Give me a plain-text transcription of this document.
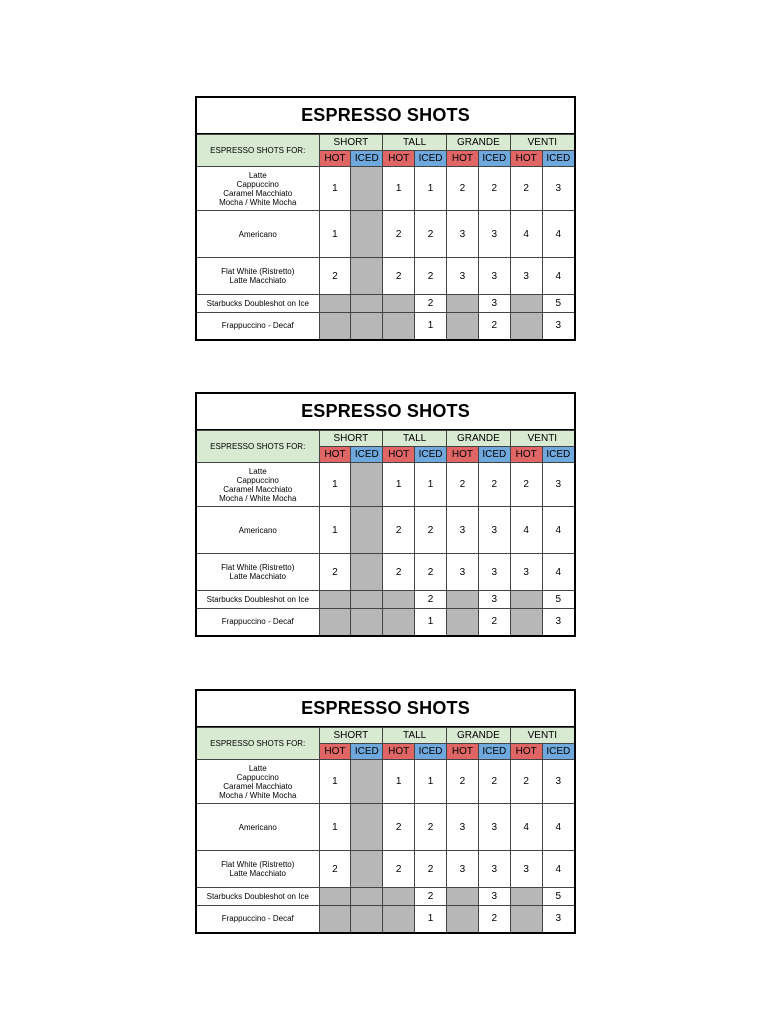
ESPRESSO SHOTS
ESPRESSO SHOTS FOR:	SHORT		TALL		GRANDE		VENTI	
	HOT	ICED	HOT	ICED	HOT	ICED	HOT	ICED

Latte
Cappuccino
Caramel Macchiato
Mocha / White Mocha	1		1	1	2	2	2	3

Americano	1		2	2	3	3	4	4

Flat White (Ristretto)
Latte Macchiato	2		2	2	3	3	3	4

Starbucks Doubleshot on Ice				2		3		5

Frappuccino - Decaf				1		2		3
ESPRESSO SHOTS
ESPRESSO SHOTS FOR:	SHORT		TALL		GRANDE		VENTI	
	HOT	ICED	HOT	ICED	HOT	ICED	HOT	ICED

Latte
Cappuccino
Caramel Macchiato
Mocha / White Mocha	1		1	1	2	2	2	3

Americano	1		2	2	3	3	4	4

Flat White (Ristretto)
Latte Macchiato	2		2	2	3	3	3	4

Starbucks Doubleshot on Ice				2		3		5

Frappuccino - Decaf				1		2		3
ESPRESSO SHOTS
ESPRESSO SHOTS FOR:	SHORT		TALL		GRANDE		VENTI	
	HOT	ICED	HOT	ICED	HOT	ICED	HOT	ICED

Latte
Cappuccino
Caramel Macchiato
Mocha / White Mocha	1		1	1	2	2	2	3

Americano	1		2	2	3	3	4	4

Flat White (Ristretto)
Latte Macchiato	2		2	2	3	3	3	4

Starbucks Doubleshot on Ice				2		3		5

Frappuccino - Decaf				1		2		3
